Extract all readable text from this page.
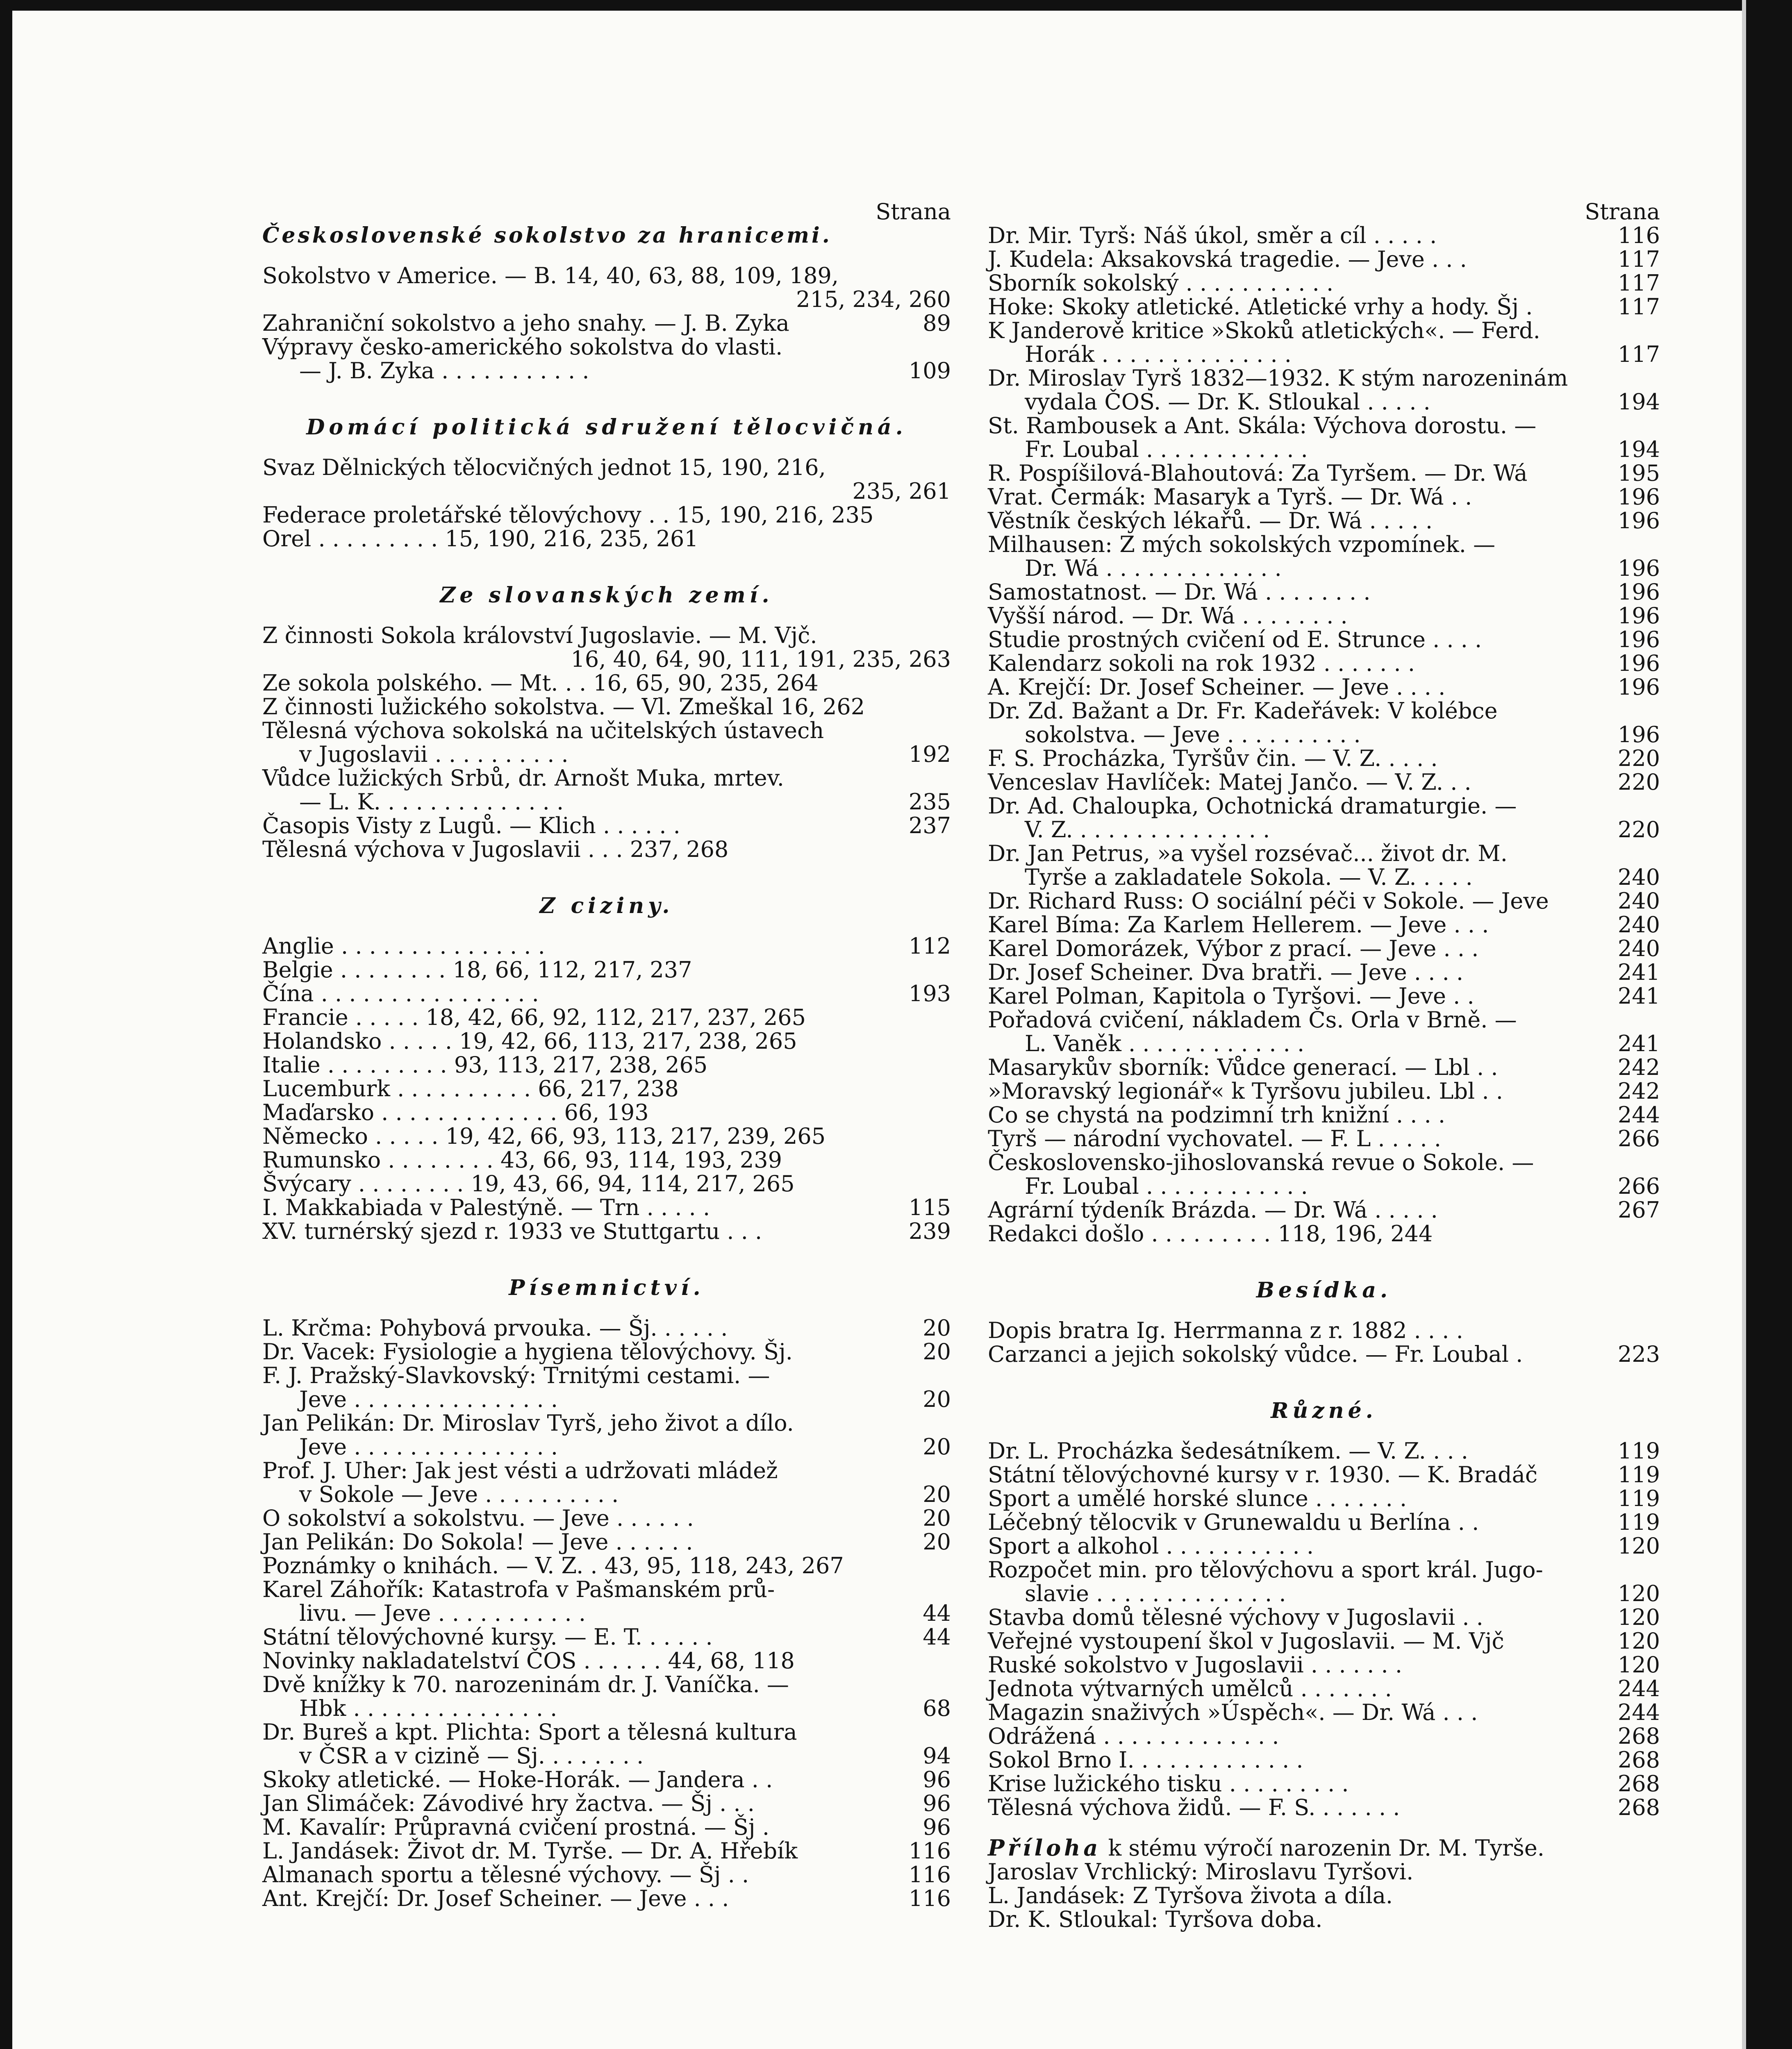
Strana
Československé sokolstvo za hranicemi.
Sokolstvo v Americe. — B. 14, 40, 63, 88, 109, 189,
215, 234, 260
Zahraniční sokolstvo a jeho snahy. — J. B. Zyka	89
Výpravy česko-amerického sokolstva do vlasti.
— J. B. Zyka . . . . . . . . . . .	109
Domácí politická sdružení tělocvičná.
Svaz Dělnických tělocvičných jednot 15, 190, 216,
235, 261
Federace proletářské tělovýchovy . . 15, 190, 216, 235
Orel . . . . . . . . . 15, 190, 216, 235, 261
Ze slovanských zemí.
Z činnosti Sokola království Jugoslavie. — M. Vjč.
16, 40, 64, 90, 111, 191, 235, 263
Ze sokola polského. — Mt. . . 16, 65, 90, 235, 264
Z činnosti lužického sokolstva. — Vl. Zmeškal 16, 262
Tělesná výchova sokolská na učitelských ústavech
v Jugoslavii . . . . . . . . . .	192
Vůdce lužických Srbů, dr. Arnošt Muka, mrtev.
— L. K. . . . . . . . . . . . . .	235
Časopis Visty z Lugů. — Klich . . . . . .	237
Tělesná výchova v Jugoslavii . . . 237, 268
Z ciziny.
Anglie . . . . . . . . . . . . . . .	112
Belgie . . . . . . . . 18, 66, 112, 217, 237
Čína . . . . . . . . . . . . . . . .	193
Francie . . . . . 18, 42, 66, 92, 112, 217, 237, 265
Holandsko . . . . . 19, 42, 66, 113, 217, 238, 265
Italie . . . . . . . . . 93, 113, 217, 238, 265
Lucemburk . . . . . . . . . . 66, 217, 238
Maďarsko . . . . . . . . . . . . . 66, 193
Německo . . . . . 19, 42, 66, 93, 113, 217, 239, 265
Rumunsko . . . . . . . . 43, 66, 93, 114, 193, 239
Švýcary . . . . . . . . 19, 43, 66, 94, 114, 217, 265
I. Makkabiada v Palestýně. — Trn . . . . .	115
XV. turnérský sjezd r. 1933 ve Stuttgartu . . .	239
Písemnictví.
L. Krčma: Pohybová prvouka. — Šj. . . . . .	20
Dr. Vacek: Fysiologie a hygiena tělovýchovy. Šj.	20
F. J. Pražský-Slavkovský: Trnitými cestami. —
Jeve . . . . . . . . . . . . . . .	20
Jan Pelikán: Dr. Miroslav Tyrš, jeho život a dílo.
Jeve . . . . . . . . . . . . . . .	20
Prof. J. Uher: Jak jest vésti a udržovati mládež
v Sokole — Jeve . . . . . . . . . .	20
O sokolství a sokolstvu. — Jeve . . . . . .	20
Jan Pelikán: Do Sokola! — Jeve . . . . . .	20
Poznámky o knihách. — V. Z. . 43, 95, 118, 243, 267
Karel Záhořík: Katastrofa v Pašmanském prů-
livu. — Jeve . . . . . . . . . . .	44
Státní tělovýchovné kursy. — E. T. . . . . .	44
Novinky nakladatelství ČOS . . . . . . 44, 68, 118
Dvě knížky k 70. narozeninám dr. J. Vaníčka. —
Hbk . . . . . . . . . . . . . . .	68
Dr. Bureš a kpt. Plichta: Sport a tělesná kultura
v ČSR a v cizině — Sj. . . . . . . .	94
Skoky atletické. — Hoke-Horák. — Jandera . .	96
Jan Slimáček: Závodivé hry žactva. — Šj . . .	96
M. Kavalír: Průpravná cvičení prostná. — Šj .	96
L. Jandásek: Život dr. M. Tyrše. — Dr. A. Hřebík	116
Almanach sportu a tělesné výchovy. — Šj . .	116
Ant. Krejčí: Dr. Josef Scheiner. — Jeve . . .	116
Strana
Dr. Mir. Tyrš: Náš úkol, směr a cíl . . . . .	116
J. Kudela: Aksakovská tragedie. — Jeve . . .	117
Sborník sokolský . . . . . . . . . . .	117
Hoke: Skoky atletické. Atletické vrhy a hody. Šj .	117
K Janderově kritice »Skoků atletických«. — Ferd.
Horák . . . . . . . . . . . . . .	117
Dr. Miroslav Tyrš 1832—1932. K stým narozeninám
vydala ČOS. — Dr. K. Stloukal . . . . .	194
St. Rambousek a Ant. Skála: Výchova dorostu. —
Fr. Loubal . . . . . . . . . . . .	194
R. Pospíšilová-Blahoutová: Za Tyršem. — Dr. Wá	195
Vrat. Čermák: Masaryk a Tyrš. — Dr. Wá . .	196
Věstník českých lékařů. — Dr. Wá . . . . .	196
Milhausen: Z mých sokolských vzpomínek. —
Dr. Wá . . . . . . . . . . . . .	196
Samostatnost. — Dr. Wá . . . . . . . .	196
Vyšší národ. — Dr. Wá . . . . . . . .	196
Studie prostných cvičení od E. Strunce . . . .	196
Kalendarz sokoli na rok 1932 . . . . . . .	196
A. Krejčí: Dr. Josef Scheiner. — Jeve . . . .	196
Dr. Zd. Bažant a Dr. Fr. Kadeřávek: V kolébce
sokolstva. — Jeve . . . . . . . . . .	196
F. S. Procházka, Tyršův čin. — V. Z. . . . .	220
Venceslav Havlíček: Matej Jančo. — V. Z. . .	220
Dr. Ad. Chaloupka, Ochotnická dramaturgie. —
V. Z. . . . . . . . . . . . . . .	220
Dr. Jan Petrus, »a vyšel rozsévač... život dr. M.
Tyrše a zakladatele Sokola. — V. Z. . . . .	240
Dr. Richard Russ: O sociální péči v Sokole. — Jeve	240
Karel Bíma: Za Karlem Hellerem. — Jeve . . .	240
Karel Domorázek, Výbor z prací. — Jeve . . .	240
Dr. Josef Scheiner. Dva bratři. — Jeve . . . .	241
Karel Polman, Kapitola o Tyršovi. — Jeve . .	241
Pořadová cvičení, nákladem Čs. Orla v Brně. —
L. Vaněk . . . . . . . . . . . . .	241
Masarykův sborník: Vůdce generací. — Lbl . .	242
»Moravský legionář« k Tyršovu jubileu. Lbl . .	242
Co se chystá na podzimní trh knižní . . . .	244
Tyrš — národní vychovatel. — F. L . . . . .	266
Československo-jihoslovanská revue o Sokole. —
Fr. Loubal . . . . . . . . . . . .	266
Agrární týdeník Brázda. — Dr. Wá . . . . .	267
Redakci došlo . . . . . . . . . 118, 196, 244
Besídka.
Dopis bratra Ig. Herrmanna z r. 1882 . . . .
Carzanci a jejich sokolský vůdce. — Fr. Loubal .	223
Různé.
Dr. L. Procházka šedesátníkem. — V. Z. . . .	119
Státní tělovýchovné kursy v r. 1930. — K. Bradáč	119
Sport a umělé horské slunce . . . . . . .	119
Léčebný tělocvik v Grunewaldu u Berlína . .	119
Sport a alkohol . . . . . . . . . . .	120
Rozpočet min. pro tělovýchovu a sport král. Jugo-
slavie . . . . . . . . . . . . . .	120
Stavba domů tělesné výchovy v Jugoslavii . .	120
Veřejné vystoupení škol v Jugoslavii. — M. Vjč	120
Ruské sokolstvo v Jugoslavii . . . . . . .	120
Jednota výtvarných umělců . . . . . . .	244
Magazin snaživých »Úspěch«. — Dr. Wá . . .	244
Odrážená . . . . . . . . . . . . .	268
Sokol Brno I. . . . . . . . . . . . .	268
Krise lužického tisku . . . . . . . . .	268
Tělesná výchova židů. — F. S. . . . . . .	268
Příloha k stému výročí narozenin Dr. M. Tyrše.
Jaroslav Vrchlický: Miroslavu Tyršovi.
L. Jandásek: Z Tyršova života a díla.
Dr. K. Stloukal: Tyršova doba.
